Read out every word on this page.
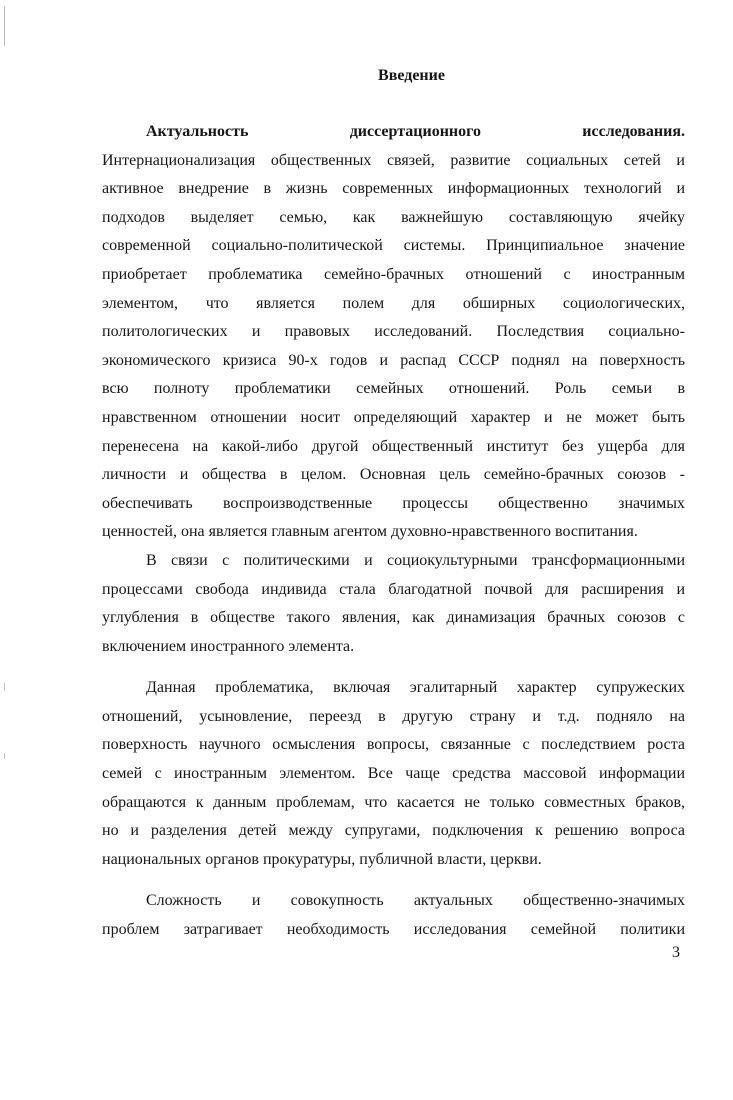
Введение

Актуальность диссертационного исследования.
Интернационализация общественных связей, развитие социальных сетей и
активное внедрение в жизнь современных информационных технологий и
подходов выделяет семью, как важнейшую составляющую ячейку
современной социально-политической системы. Принципиальное значение
приобретает проблематика семейно-брачных отношений с иностранным
элементом, что является полем для обширных социологических,
политологических и правовых исследований. Последствия социально-
экономического кризиса 90-х годов и распад СССР поднял на поверхность
всю полноту проблематики семейных отношений. Роль семьи в
нравственном отношении носит определяющий характер и не может быть
перенесена на какой-либо другой общественный институт без ущерба для
личности и общества в целом. Основная цель семейно-брачных союзов -
обеспечивать воспроизводственные процессы общественно значимых
ценностей, она является главным агентом духовно-нравственного воспитания.

В связи с политическими и социокультурными трансформационными
процессами свобода индивида стала благодатной почвой для расширения и
углубления в обществе такого явления, как динамизация брачных союзов с
включением иностранного элемента.

Данная проблематика, включая эгалитарный характер супружеских
отношений, усыновление, переезд в другую страну и т.д. подняло на
поверхность научного осмысления вопросы, связанные с последствием роста
семей с иностранным элементом. Все чаще средства массовой информации
обращаются к данным проблемам, что касается не только совместных браков,
но и разделения детей между супругами, подключения к решению вопроса
национальных органов прокуратуры, публичной власти, церкви.

Сложность и совокупность актуальных общественно-значимых
проблем затрагивает необходимость исследования семейной политики

3
